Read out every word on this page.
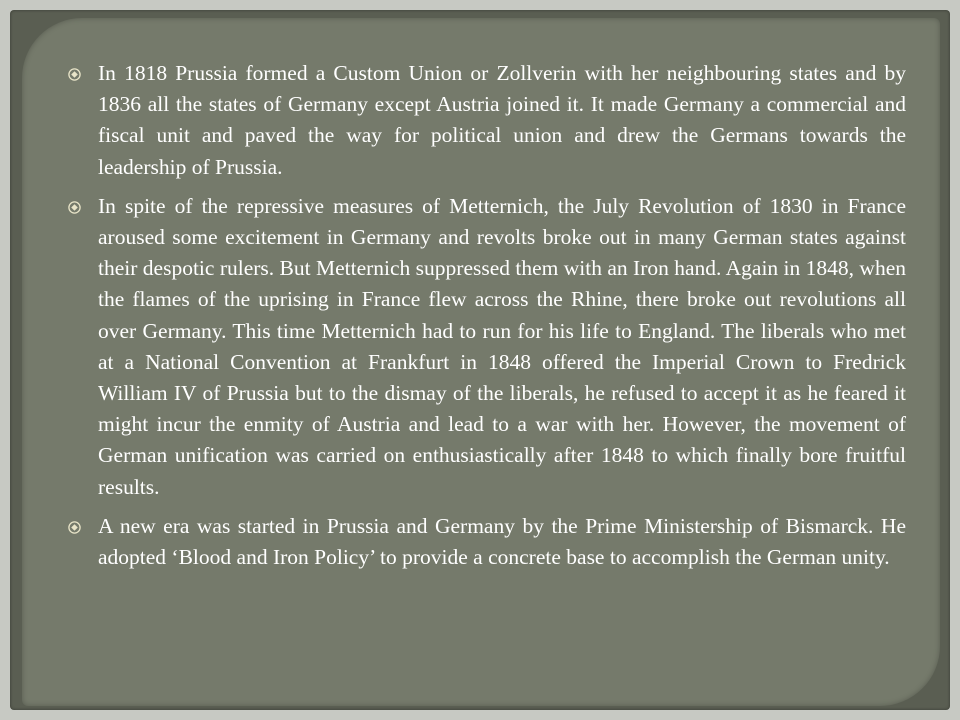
In 1818 Prussia formed a Custom Union or Zollverin with her neighbouring states and by 1836 all the states of Germany except Austria joined it. It made Germany a commercial and fiscal unit and paved the way for political union and drew the Germans towards the leadership of Prussia.

In spite of the repressive measures of Metternich, the July Revolution of 1830 in France aroused some excitement in Germany and revolts broke out in many German states against their despotic rulers. But Metternich suppressed them with an Iron hand. Again in 1848, when the flames of the uprising in France flew across the Rhine, there broke out revolutions all over Germany. This time Metternich had to run for his life to England. The liberals who met at a National Convention at Frankfurt in 1848 offered the Imperial Crown to Fredrick William IV of Prussia but to the dismay of the liberals, he refused to accept it as he feared it might incur the enmity of Austria and lead to a war with her. However, the movement of German unification was carried on enthusiastically after 1848 to which finally bore fruitful results.

A new era was started in Prussia and Germany by the Prime Ministership of Bismarck. He adopted ‘Blood and Iron Policy’ to provide a concrete base to accomplish the German unity.
